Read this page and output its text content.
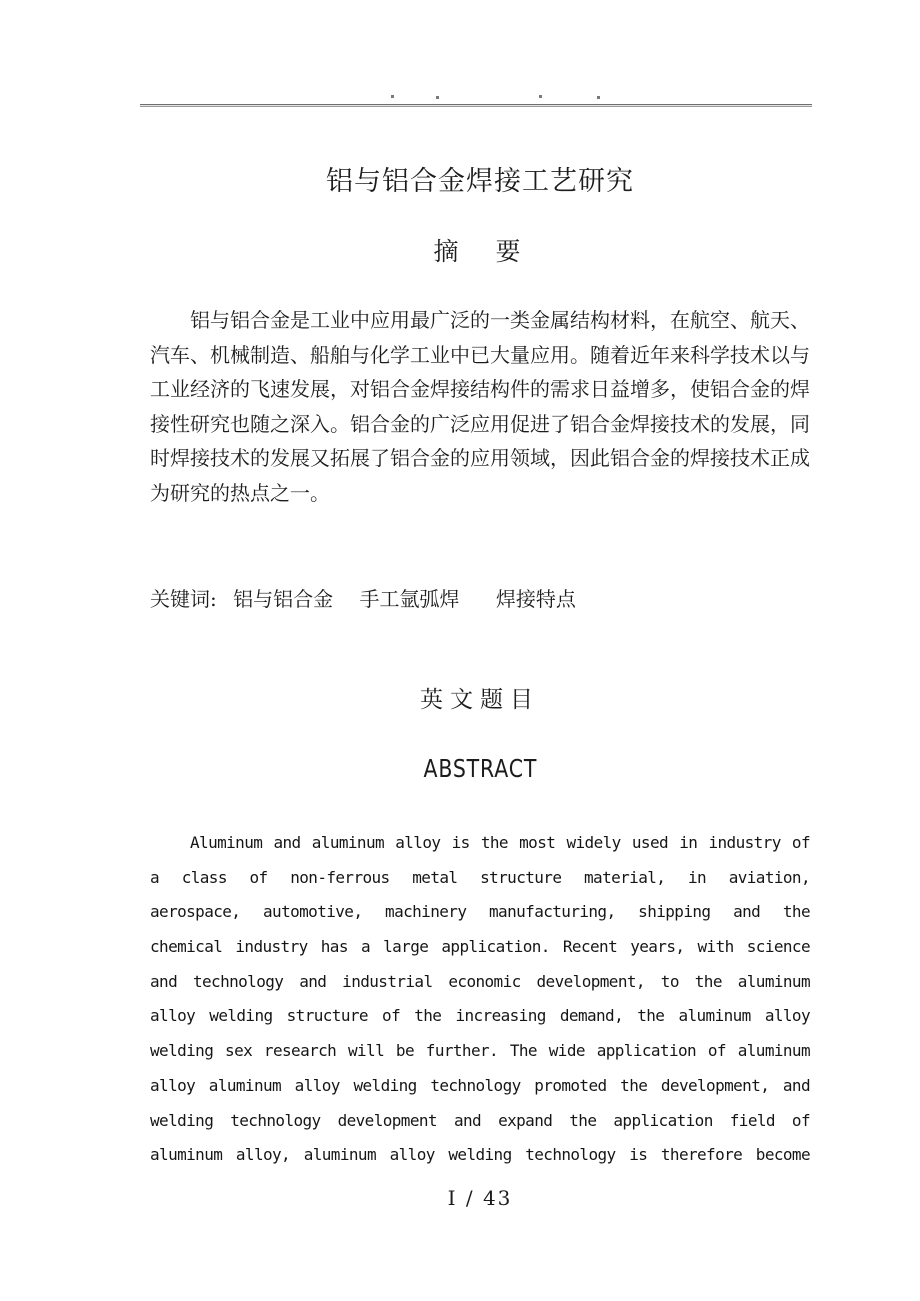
铝与铝合金焊接工艺研究
摘　要
铝与铝合金是工业中应用最广泛的一类金属结构材料，在航空、航天、
汽车、机械制造、船舶与化学工业中已大量应用。随着近年来科学技术以与
工业经济的飞速发展，对铝合金焊接结构件的需求日益增多，使铝合金的焊
接性研究也随之深入。铝合金的广泛应用促进了铝合金焊接技术的发展，同
时焊接技术的发展又拓展了铝合金的应用领域，因此铝合金的焊接技术正成
为研究的热点之一。
关键词: 铝与铝合金 手工氩弧焊 焊接特点
英文题目
ABSTRACT
Aluminum and aluminum alloy is the most widely used in industry of
a class of non-ferrous metal structure material, in aviation,
aerospace, automotive, machinery manufacturing, shipping and the
chemical industry has a large application. Recent years, with science
and technology and industrial economic development, to the aluminum
alloy welding structure of the increasing demand, the aluminum alloy
welding sex research will be further. The wide application of aluminum
alloy aluminum alloy welding technology promoted the development, and
welding technology development and expand the application field of
aluminum alloy, aluminum alloy welding technology is therefore become
I / 43
